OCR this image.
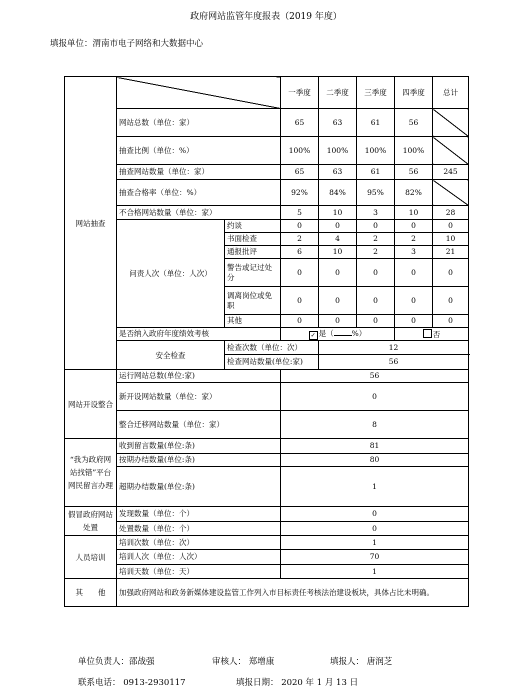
政府网站监管年度报表（2019 年度）
填报单位：渭南市电子网络和大数据中心
网站抽查			一季度	二季度	三季度	四季度	总计
	网站总数（单位：家）		65	63	61	56	
	抽查比例（单位：%）		100%	100%	100%	100%	
	抽查网站数量（单位：家）		65	63	61	56	245
	抽查合格率（单位：%）		92%	84%	95%	82%	
	不合格网站数量（单位：家）		5	10	3	10	28
	问责人次（单位：人次）	约谈	0	0	0	0	0
		书面检查	2	4	2	2	10
		通报批评	6	10	2	3	21
		警告或记过处分	0	0	0	0	0
		调离岗位或免职	0	0	0	0	0
		其他	0	0	0	0	0
	是否纳入政府年度绩效考核		✓ 是（ %）			否	
	安全检查	检查次数（单位：次）		12			
		检查网站数量(单位:家)		56			
网站开设整合	运行网站总数(单位:家)		56				
	新开设网站数量（单位：家）		0				
	整合迁移网站数量（单位：家）		8				
“我为政府网站找错”平台网民留言办理	收到留言数量(单位:条)		81				
	按期办结数量(单位:条)		80				
	超期办结数量(单位:条)		1				
假冒政府网站处置	发现数量（单位：个）		0				
	处置数量（单位：个）		0				
人员培训	培训次数（单位：次）		1				
	培训人次（单位：人次）		70				
	培训天数（单位：天）		1				
其　　他	加强政府网站和政务新媒体建设监管工作列入市目标责任考核法治建设板块，具体占比未明确。						
单位负责人：邵战强	审核人： 郑增康	填报人： 唐润芝
联系电话： 0913-2930117	填报日期： 2020 年 1 月 13 日
